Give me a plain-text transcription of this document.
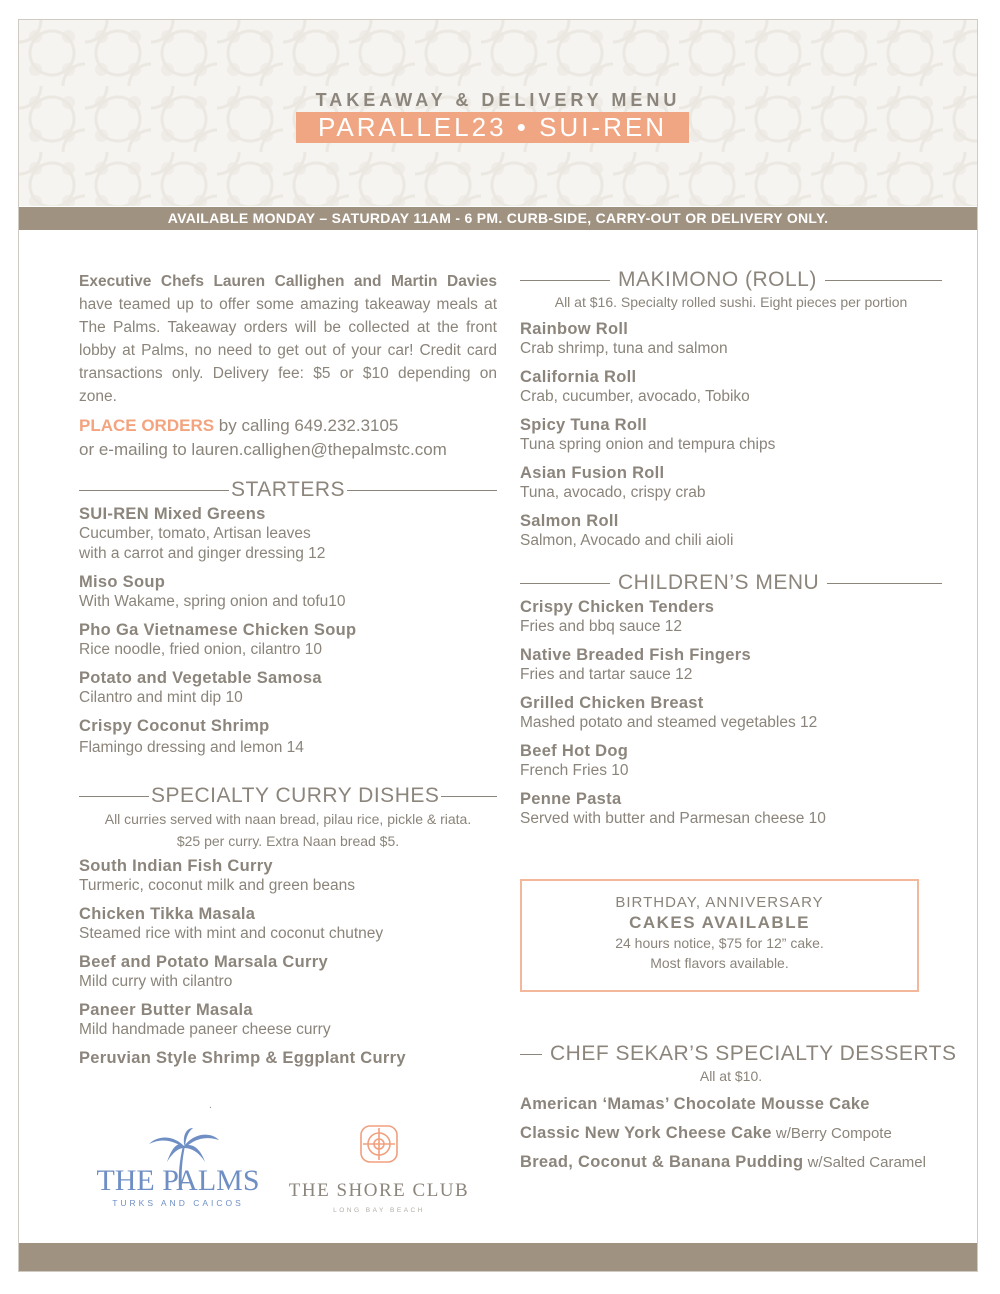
TAKEAWAY & DELIVERY MENU
PARALLEL23 • SUI-REN
AVAILABLE MONDAY – SATURDAY 11AM - 6 PM. CURB-SIDE, CARRY-OUT OR DELIVERY ONLY.
Executive Chefs Lauren Callighen and Martin Davies have teamed up to offer some amazing takeaway meals at The Palms. Takeaway orders will be collected at the front lobby at Palms, no need to get out of your car! Credit card transactions only. Delivery fee: $5 or $10 depending on zone.
PLACE ORDERS by calling 649.232.3105
or e-mailing to lauren.callighen@thepalmstc.com
STARTERS
SUI-REN Mixed Greens
Cucumber, tomato, Artisan leaves
with a carrot and ginger dressing 12
Miso Soup
With Wakame, spring onion and tofu10
Pho Ga Vietnamese Chicken Soup
Rice noodle, fried onion, cilantro 10
Potato and Vegetable Samosa
Cilantro and mint dip 10
Crispy Coconut Shrimp
Flamingo dressing and lemon 14
SPECIALTY CURRY DISHES
All curries served with naan bread, pilau rice, pickle & riata.
$25 per curry. Extra Naan bread $5.
South Indian Fish Curry
Turmeric, coconut milk and green beans
Chicken Tikka Masala
Steamed rice with mint and coconut chutney
Beef and Potato Marsala Curry
Mild curry with cilantro
Paneer Butter Masala
Mild handmade paneer cheese curry
Peruvian Style Shrimp & Eggplant Curry
.
THE PALMS
TURKS AND CAICOS
THE SHORE CLUB
LONG BAY BEACH
MAKIMONO (ROLL)
All at $16. Specialty rolled sushi. Eight pieces per portion
Rainbow Roll
Crab shrimp, tuna and salmon
California Roll
Crab, cucumber, avocado, Tobiko
Spicy Tuna Roll
Tuna spring onion and tempura chips
Asian Fusion Roll
Tuna, avocado, crispy crab
Salmon Roll
Salmon, Avocado and chili aioli
CHILDREN’S MENU
Crispy Chicken Tenders
Fries and bbq sauce 12
Native Breaded Fish Fingers
Fries and tartar sauce 12
Grilled Chicken Breast
Mashed potato and steamed vegetables 12
Beef Hot Dog
French Fries 10
Penne Pasta
Served with butter and Parmesan cheese 10
BIRTHDAY, ANNIVERSARY
CAKES AVAILABLE
24 hours notice, $75 for 12” cake.
Most flavors available.
CHEF SEKAR’S SPECIALTY DESSERTS
All at $10.
American ‘Mamas’ Chocolate Mousse Cake
Classic New York Cheese Cake w/Berry Compote
Bread, Coconut & Banana Pudding w/Salted Caramel
